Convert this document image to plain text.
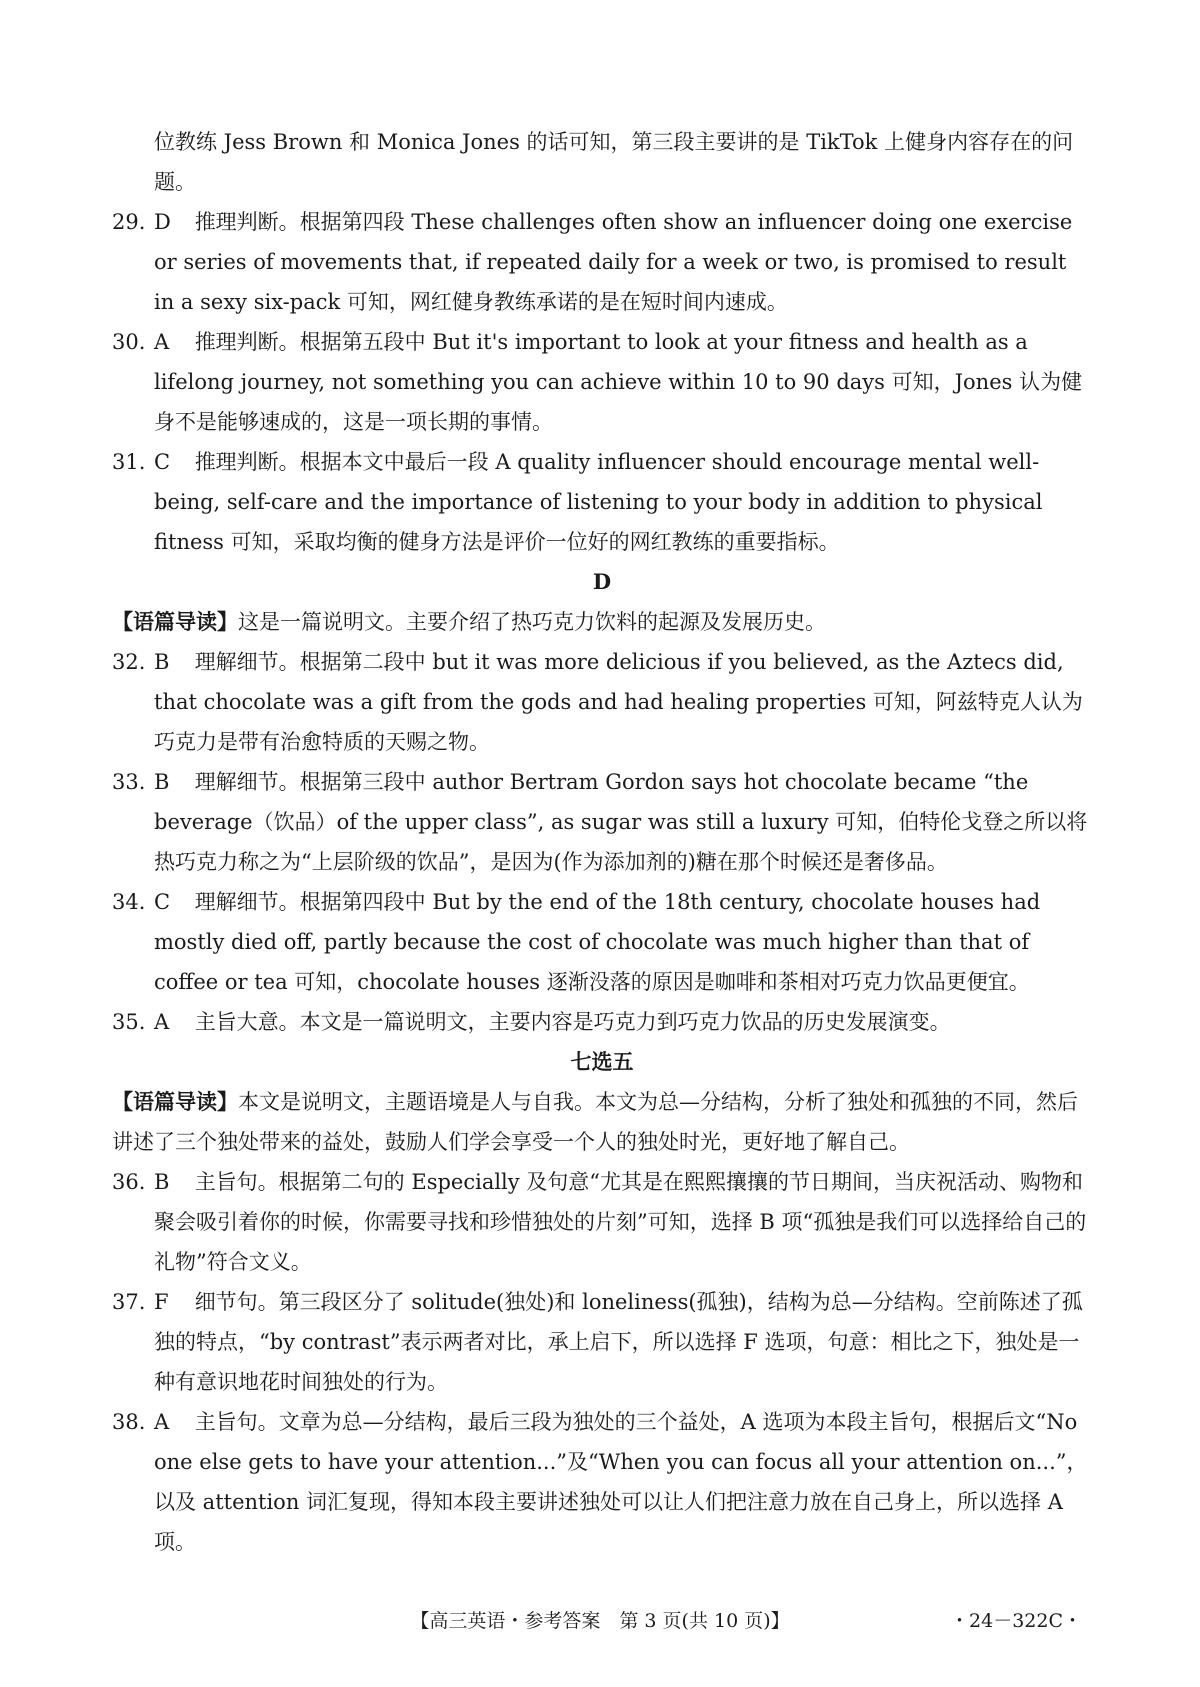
位教练 Jess Brown 和 Monica Jones 的话可知，第三段主要讲的是 TikTok 上健身内容存在的问题。

29. D 推理判断。根据第四段 These challenges often show an influencer doing one exercise or series of movements that, if repeated daily for a week or two, is promised to result in a sexy six-pack 可知，网红健身教练承诺的是在短时间内速成。
30. A 推理判断。根据第五段中 But it's important to look at your fitness and health as a lifelong journey, not something you can achieve within 10 to 90 days 可知，Jones 认为健身不是能够速成的，这是一项长期的事情。
31. C 推理判断。根据本文中最后一段 A quality influencer should encourage mental well-being, self-care and the importance of listening to your body in addition to physical fitness 可知，采取均衡的健身方法是评价一位好的网红教练的重要指标。
D

【语篇导读】这是一篇说明文。主要介绍了热巧克力饮料的起源及发展历史。

32. B 理解细节。根据第二段中 but it was more delicious if you believed, as the Aztecs did, that chocolate was a gift from the gods and had healing properties 可知，阿兹特克人认为巧克力是带有治愈特质的天赐之物。
33. B 理解细节。根据第三段中 author Bertram Gordon says hot chocolate became “the beverage（饮品）of the upper class”, as sugar was still a luxury 可知，伯特伦戈登之所以将热巧克力称之为“上层阶级的饮品”，是因为(作为添加剂的)糖在那个时候还是奢侈品。
34. C 理解细节。根据第四段中 But by the end of the 18th century, chocolate houses had mostly died off, partly because the cost of chocolate was much higher than that of coffee or tea 可知，chocolate houses 逐渐没落的原因是咖啡和茶相对巧克力饮品更便宜。
35. A 主旨大意。本文是一篇说明文，主要内容是巧克力到巧克力饮品的历史发展演变。
七选五

【语篇导读】本文是说明文，主题语境是人与自我。本文为总—分结构，分析了独处和孤独的不同，然后讲述了三个独处带来的益处，鼓励人们学会享受一个人的独处时光，更好地了解自己。

36. B 主旨句。根据第二句的 Especially 及句意“尤其是在熙熙攘攘的节日期间，当庆祝活动、购物和聚会吸引着你的时候，你需要寻找和珍惜独处的片刻”可知，选择 B 项“孤独是我们可以选择给自己的礼物”符合文义。
37. F 细节句。第三段区分了 solitude(独处)和 loneliness(孤独)，结构为总—分结构。空前陈述了孤独的特点，“by contrast”表示两者对比，承上启下，所以选择 F 选项，句意：相比之下，独处是一种有意识地花时间独处的行为。
38. A 主旨句。文章为总—分结构，最后三段为独处的三个益处，A 选项为本段主旨句，根据后文“No one else gets to have your attention...”及“When you can focus all your attention on...”，以及 attention 词汇复现，得知本段主要讲述独处可以让人们把注意力放在自己身上，所以选择 A 项。
【高三英语・参考答案　第 3 页(共 10 页)】	・24－322C・
